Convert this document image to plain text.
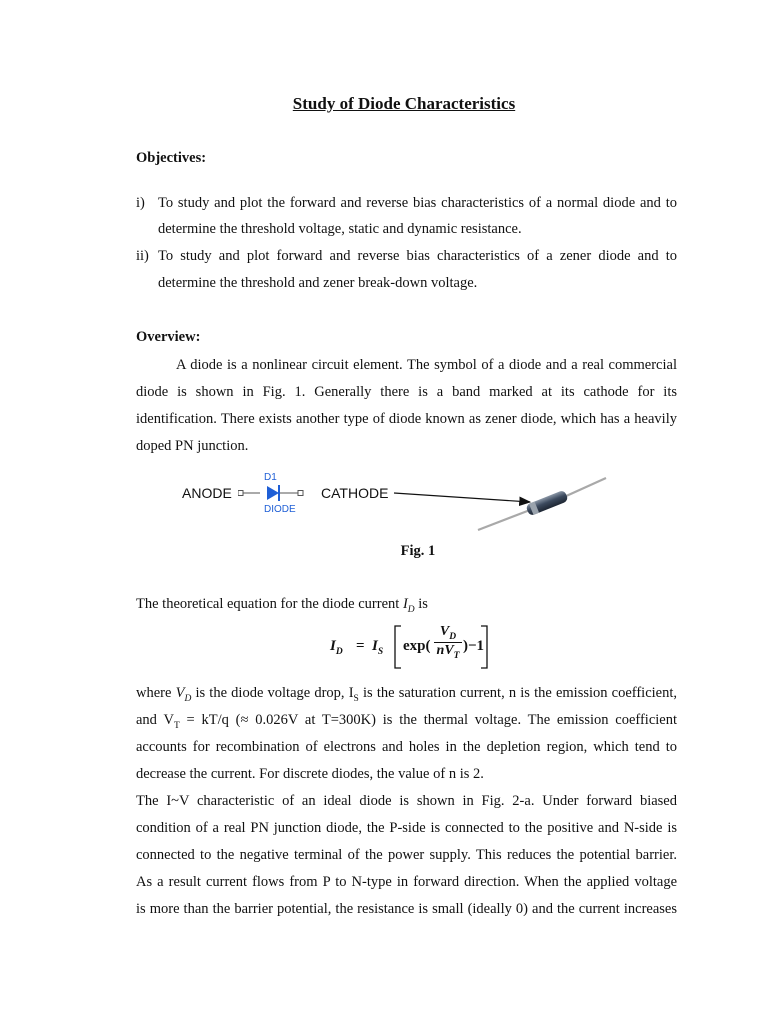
Study of Diode Characteristics
Objectives:
i) To study and plot the forward and reverse bias characteristics of a normal diode and to
determine the threshold voltage, static and dynamic resistance.
ii) To study and plot forward and reverse bias characteristics of a zener diode and to
determine the threshold and zener break-down voltage.
Overview:
A diode is a nonlinear circuit element. The symbol of a diode and a real commercial
diode is shown in Fig. 1. Generally there is a band marked at its cathode for its
identification. There exists another type of diode known as zener diode, which has a heavily
doped PN junction.
ANODE
D1
DIODE
CATHODE
Fig. 1
The theoretical equation for the diode current $I_D$ is
$I_D = I_S$ exp(
$V_D$
$nV_T$
) −1
where $V_D$ is the diode voltage drop, $I_S$ is the saturation current, n is the emission coefficient,
and $V_T = kT/q$ (≈ 0.026V at T=300K) is the thermal voltage. The emission coefficient
accounts for recombination of electrons and holes in the depletion region, which tend to
decrease the current. For discrete diodes, the value of n is 2.
The I~V characteristic of an ideal diode is shown in Fig. 2-a. Under forward biased
condition of a real PN junction diode, the P-side is connected to the positive and N-side is
connected to the negative terminal of the power supply. This reduces the potential barrier.
As a result current flows from P to N-type in forward direction. When the applied voltage
is more than the barrier potential, the resistance is small (ideally 0) and the current increases
